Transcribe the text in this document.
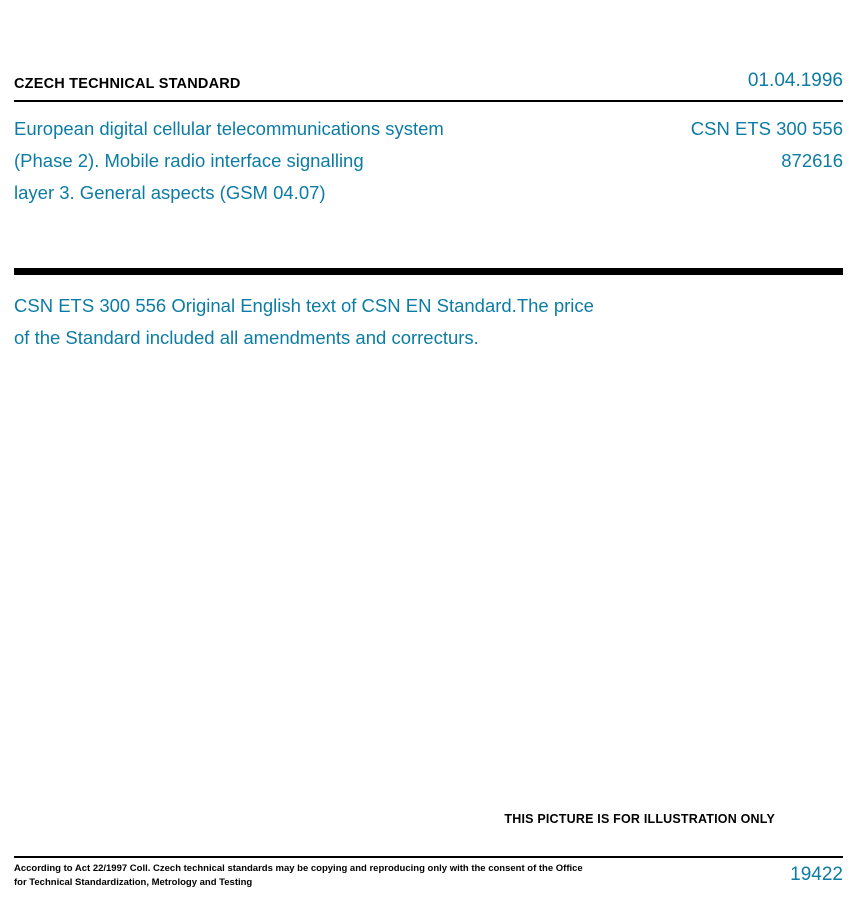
CZECH TECHNICAL STANDARD	01.04.1996
European digital cellular telecommunications system
(Phase 2). Mobile radio interface signalling
layer 3. General aspects (GSM 04.07)
CSN ETS 300 556
872616
CSN ETS 300 556 Original English text of CSN EN Standard.The price
of the Standard included all amendments and correcturs.
THIS PICTURE IS FOR ILLUSTRATION ONLY
According to Act 22/1997 Coll. Czech technical standards may be copying and reproducing only with the consent of the Office
for Technical Standardization, Metrology and Testing	19422
